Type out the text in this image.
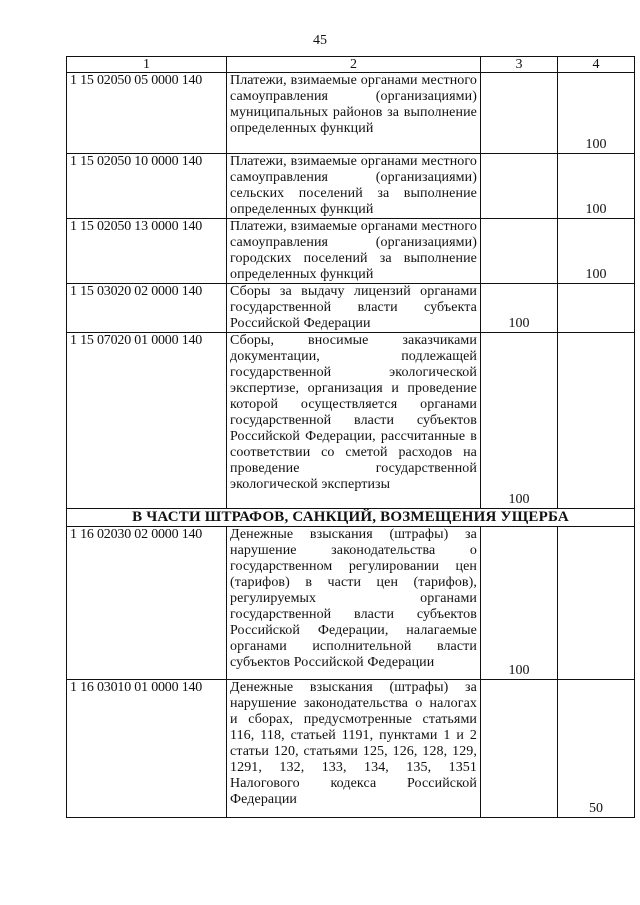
45
1	2	3	4
1 15 02050 05 0000 140	Платежи, взимаемые органами местного самоуправления (организациями) муниципальных районов за выполнение определенных функций		100
1 15 02050 10 0000 140	Платежи, взимаемые органами местного самоуправления (организациями) сельских поселений за выполнение определенных функций		100
1 15 02050 13 0000 140	Платежи, взимаемые органами местного самоуправления (организациями) городских поселений за выполнение определенных функций		100
1 15 03020 02 0000 140	Сборы за выдачу лицензий органами государственной власти субъекта Российской Федерации	100	
1 15 07020 01 0000 140	Сборы, вносимые заказчиками документации, подлежащей государственной экологической экспертизе, организация и проведение которой осуществляется органами государственной власти субъектов Российской Федерации, рассчитанные в соответствии со сметой расходов на проведение государственной экологической экспертизы	100	
В ЧАСТИ ШТРАФОВ, САНКЦИЙ, ВОЗМЕЩЕНИЯ УЩЕРБА			
1 16 02030 02 0000 140	Денежные взыскания (штрафы) за нарушение законодательства о государственном регулировании цен (тарифов) в части цен (тарифов), регулируемых органами государственной власти субъектов Российской Федерации, налагаемые органами исполнительной власти субъектов Российской Федерации	100	
1 16 03010 01 0000 140	Денежные взыскания (штрафы) за нарушение законодательства о налогах и сборах, предусмотренные статьями 116, 118, статьей 1191, пунктами 1 и 2 статьи 120, статьями 125, 126, 128, 129, 1291, 132, 133, 134, 135, 1351 Налогового кодекса Российской Федерации		50
